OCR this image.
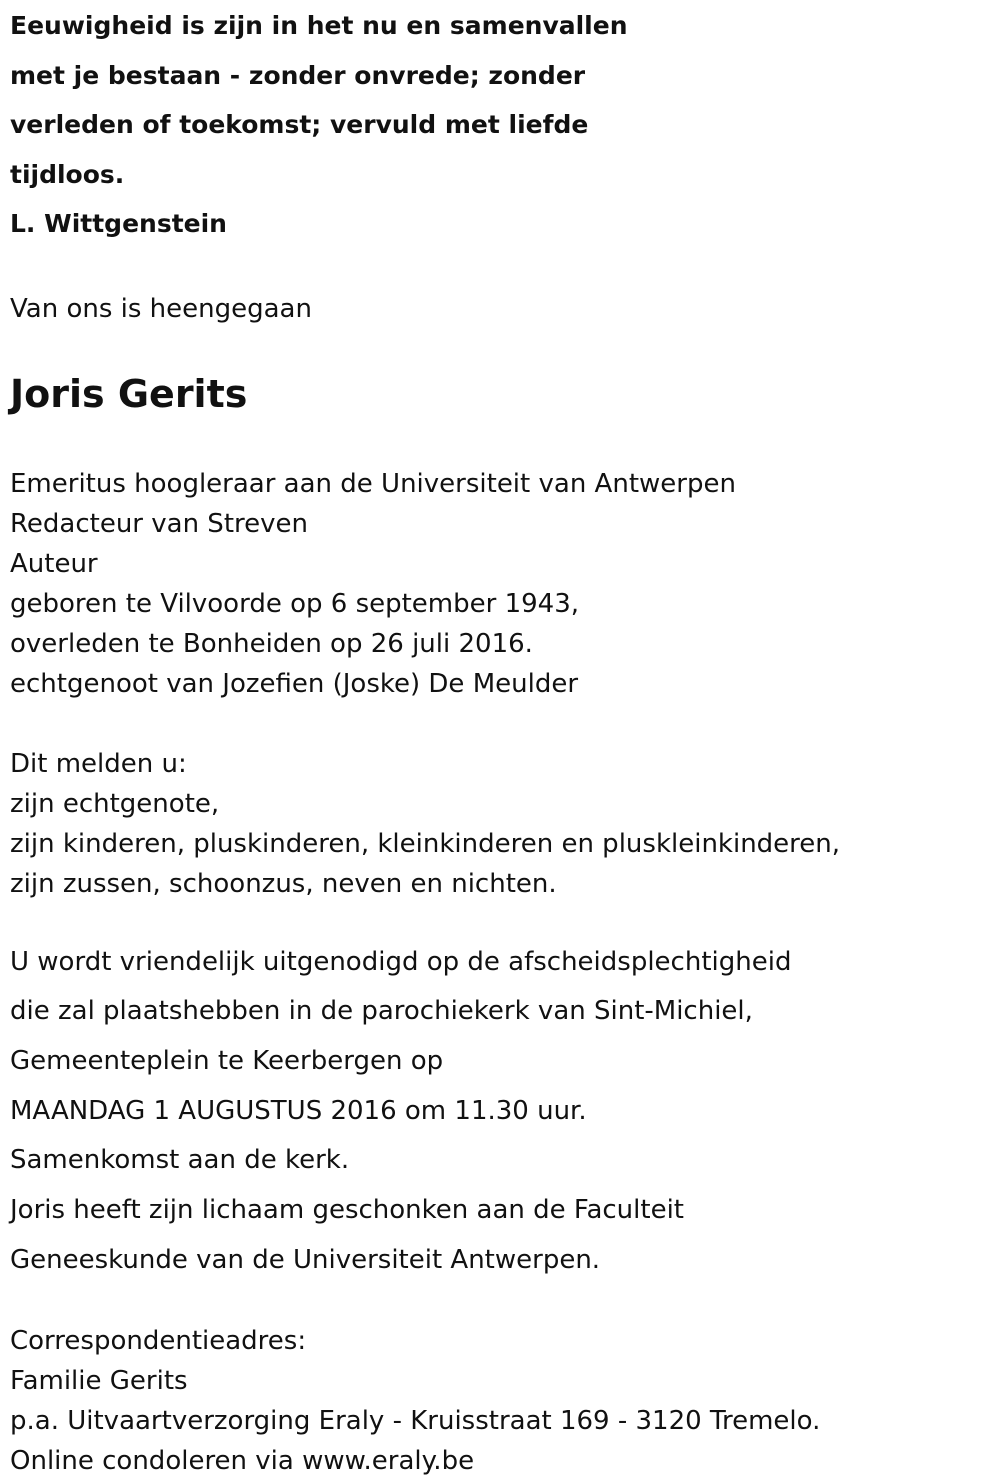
Eeuwigheid is zijn in het nu en samenvallen
met je bestaan - zonder onvrede; zonder
verleden of toekomst; vervuld met liefde
tijdloos.
L. Wittgenstein
Van ons is heengegaan
Joris Gerits
Emeritus hoogleraar aan de Universiteit van Antwerpen
Redacteur van Streven
Auteur
geboren te Vilvoorde op 6 september 1943,
overleden te Bonheiden op 26 juli 2016.
echtgenoot van Jozefien (Joske) De Meulder
Dit melden u:
zijn echtgenote,
zijn kinderen, pluskinderen, kleinkinderen en pluskleinkinderen,
zijn zussen, schoonzus, neven en nichten.
U wordt vriendelijk uitgenodigd op de afscheidsplechtigheid
die zal plaatshebben in de parochiekerk van Sint-Michiel,
Gemeenteplein te Keerbergen op
MAANDAG 1 AUGUSTUS 2016 om 11.30 uur.
Samenkomst aan de kerk.
Joris heeft zijn lichaam geschonken aan de Faculteit
Geneeskunde van de Universiteit Antwerpen.
Correspondentieadres:
Familie Gerits
p.a. Uitvaartverzorging Eraly - Kruisstraat 169 - 3120 Tremelo.
Online condoleren via www.eraly.be
